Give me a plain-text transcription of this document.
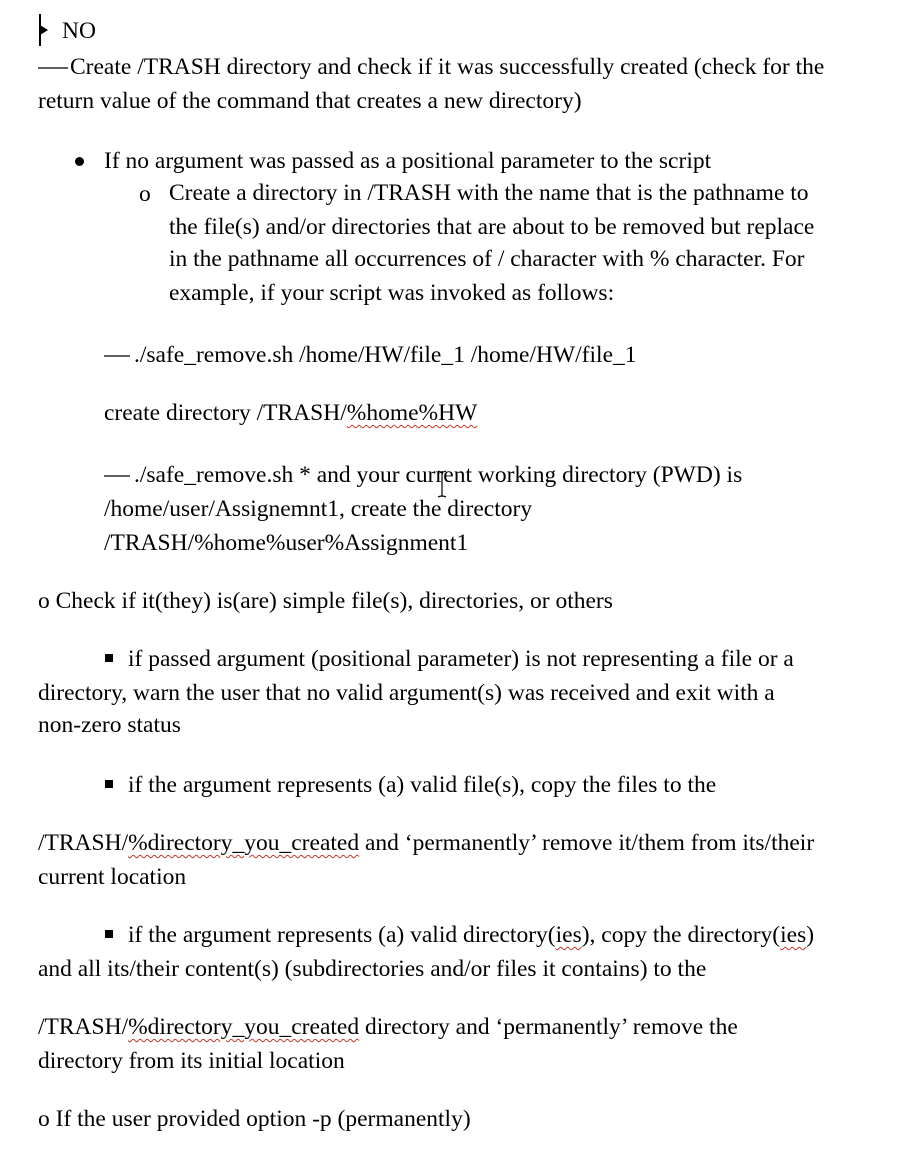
NO
Create /TRASH directory and check if it was successfully created (check for the
return value of the command that creates a new directory)
If no argument was passed as a positional parameter to the script
o Create a directory in /TRASH with the name that is the pathname to
the file(s) and/or directories that are about to be removed but replace
in the pathname all occurrences of / character with % character. For
example, if your script was invoked as follows:
./safe_remove.sh /home/HW/file_1 /home/HW/file_1
create directory /TRASH/%home%HW
./safe_remove.sh * and your current working directory (PWD) is
/home/user/Assignemnt1, create the directory
/TRASH/%home%user%Assignment1
o Check if it(they) is(are) simple file(s), directories, or others
if passed argument (positional parameter) is not representing a file or a
directory, warn the user that no valid argument(s) was received and exit with a
non-zero status
if the argument represents (a) valid file(s), copy the files to the
/TRASH/%directory_you_created and ‘permanently’ remove it/them from its/their
current location
if the argument represents (a) valid directory(ies), copy the directory(ies)
and all its/their content(s) (subdirectories and/or files it contains) to the
/TRASH/%directory_you_created directory and ‘permanently’ remove the
directory from its initial location
o If the user provided option -p (permanently)
